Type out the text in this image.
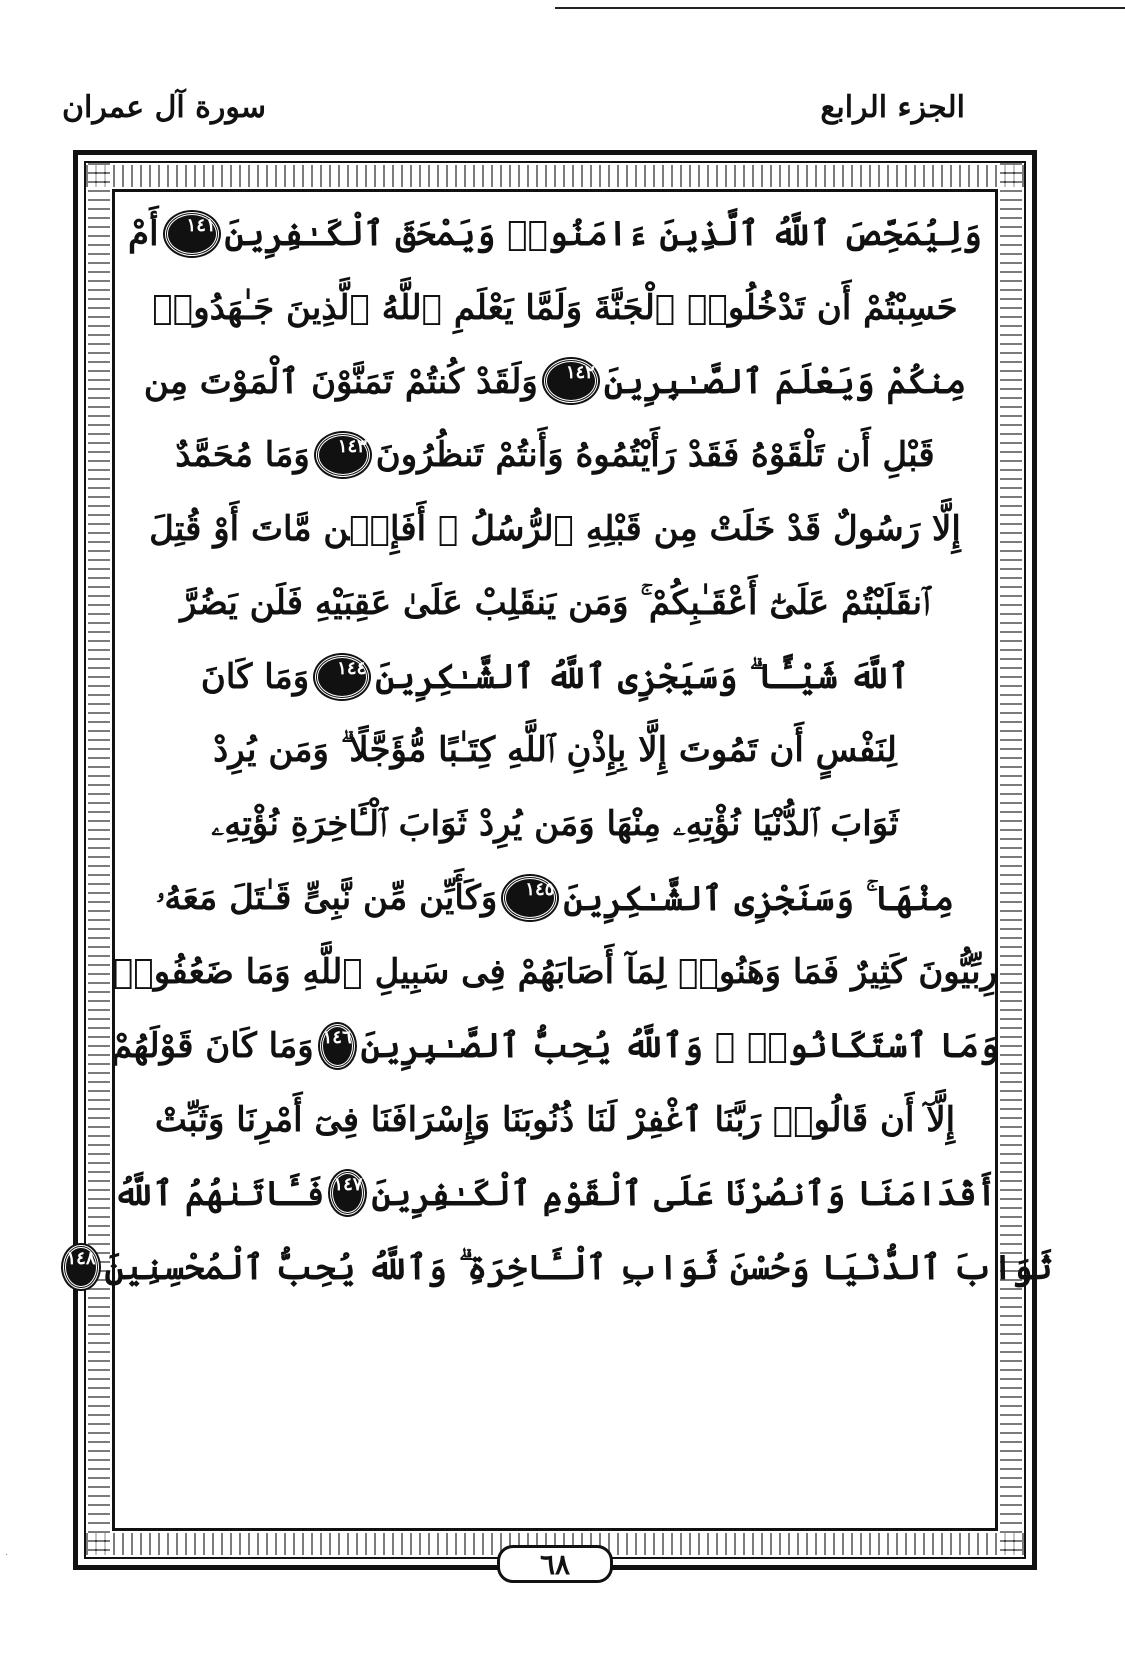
الجزء الرابع
سورة آل عمران
وَلِيُمَحِّصَ ٱللَّهُ ٱلَّذِينَ ءَامَنُوا۟ وَيَمْحَقَ ٱلْكَـٰفِرِينَ
١٤١
أَمْ
حَسِبْتُمْ أَن تَدْخُلُوا۟ ٱلْجَنَّةَ وَلَمَّا يَعْلَمِ ٱللَّهُ ٱلَّذِينَ جَـٰهَدُوا۟
مِنكُمْ وَيَعْلَمَ ٱلصَّـٰبِرِينَ
١٤٢
وَلَقَدْ كُنتُمْ تَمَنَّوْنَ ٱلْمَوْتَ مِن
قَبْلِ أَن تَلْقَوْهُ فَقَدْ رَأَيْتُمُوهُ وَأَنتُمْ تَنظُرُونَ
١٤٣
وَمَا مُحَمَّدٌ
إِلَّا رَسُولٌ قَدْ خَلَتْ مِن قَبْلِهِ ٱلرُّسُلُ ۚ أَفَإِي۟ن مَّاتَ أَوْ قُتِلَ
ٱنقَلَبْتُمْ عَلَىٰٓ أَعْقَـٰبِكُمْ ۚ وَمَن يَنقَلِبْ عَلَىٰ عَقِبَيْهِ فَلَن يَضُرَّ
ٱللَّهَ شَيْـًٔا ۗ وَسَيَجْزِى ٱللَّهُ ٱلشَّـٰكِرِينَ
١٤٤
وَمَا كَانَ
لِنَفْسٍ أَن تَمُوتَ إِلَّا بِإِذْنِ ٱللَّهِ كِتَـٰبًا مُّؤَجَّلًا ۗ وَمَن يُرِدْ
ثَوَابَ ٱلدُّنْيَا نُؤْتِهِۦ مِنْهَا وَمَن يُرِدْ ثَوَابَ ٱلْـَٔاخِرَةِ نُؤْتِهِۦ
مِنْهَا ۚ وَسَنَجْزِى ٱلشَّـٰكِرِينَ
١٤٥
وَكَأَيِّن مِّن نَّبِىٍّ قَـٰتَلَ مَعَهُۥ
رِبِّيُّونَ كَثِيرٌ فَمَا وَهَنُوا۟ لِمَآ أَصَابَهُمْ فِى سَبِيلِ ٱللَّهِ وَمَا ضَعُفُوا۟
وَمَا ٱسْتَكَانُوا۟ ۗ وَٱللَّهُ يُحِبُّ ٱلصَّـٰبِرِينَ
١٤٦
وَمَا كَانَ قَوْلَهُمْ
إِلَّآ أَن قَالُوا۟ رَبَّنَا ٱغْفِرْ لَنَا ذُنُوبَنَا وَإِسْرَافَنَا فِىٓ أَمْرِنَا وَثَبِّتْ
أَقْدَامَنَا وَٱنصُرْنَا عَلَى ٱلْقَوْمِ ٱلْكَـٰفِرِينَ
١٤٧
فَـَٔاتَىٰهُمُ ٱللَّهُ
ثَوَابَ ٱلدُّنْيَا وَحُسْنَ ثَوَابِ ٱلْـَٔاخِرَةِ ۗ وَٱللَّهُ يُحِبُّ ٱلْمُحْسِنِينَ
١٤٨
٦٨
·
